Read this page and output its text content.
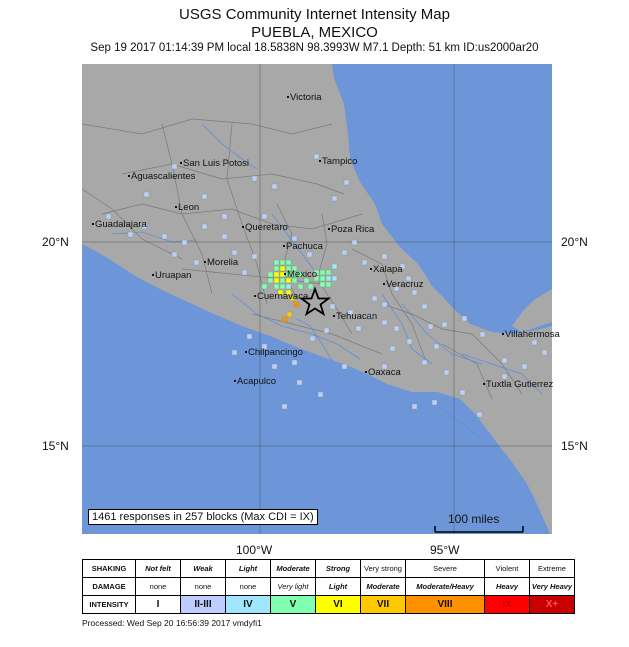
USGS Community Internet Intensity Map
PUEBLA, MEXICO
Sep 19 2017 01:14:39 PM local 18.5838N 98.3993W M7.1 Depth: 51 km ID:us2000ar20
20°N
15°N
20°N
15°N
100°W	95°W
Victoria
San Luis Potosi	Tampico
Aguascalientes
Leon
Guadalajara	Queretaro
Pachuca
Poza Rica
Morelia
Mexico	Xalapa
Uruapan
Veracruz
Cuernavaca
Tehuacan
Villahermosa
Chilpancingo
Oaxaca
Acapulco	Tuxtla Gutierrez
1461 responses in 257 blocks (Max CDI = IX)	100 miles
SHAKING	Not felt	Weak	Light	Moderate	Strong	Very strong	Severe	Violent	Extreme
DAMAGE	none	none	none	Very light	Light	Moderate	Moderate/Heavy	Heavy	Very Heavy
INTENSITY	I	II-III	IV	V	VI	VII	VIII	IX	X+
Processed: Wed Sep 20 16:56:39 2017 vmdyfi1
